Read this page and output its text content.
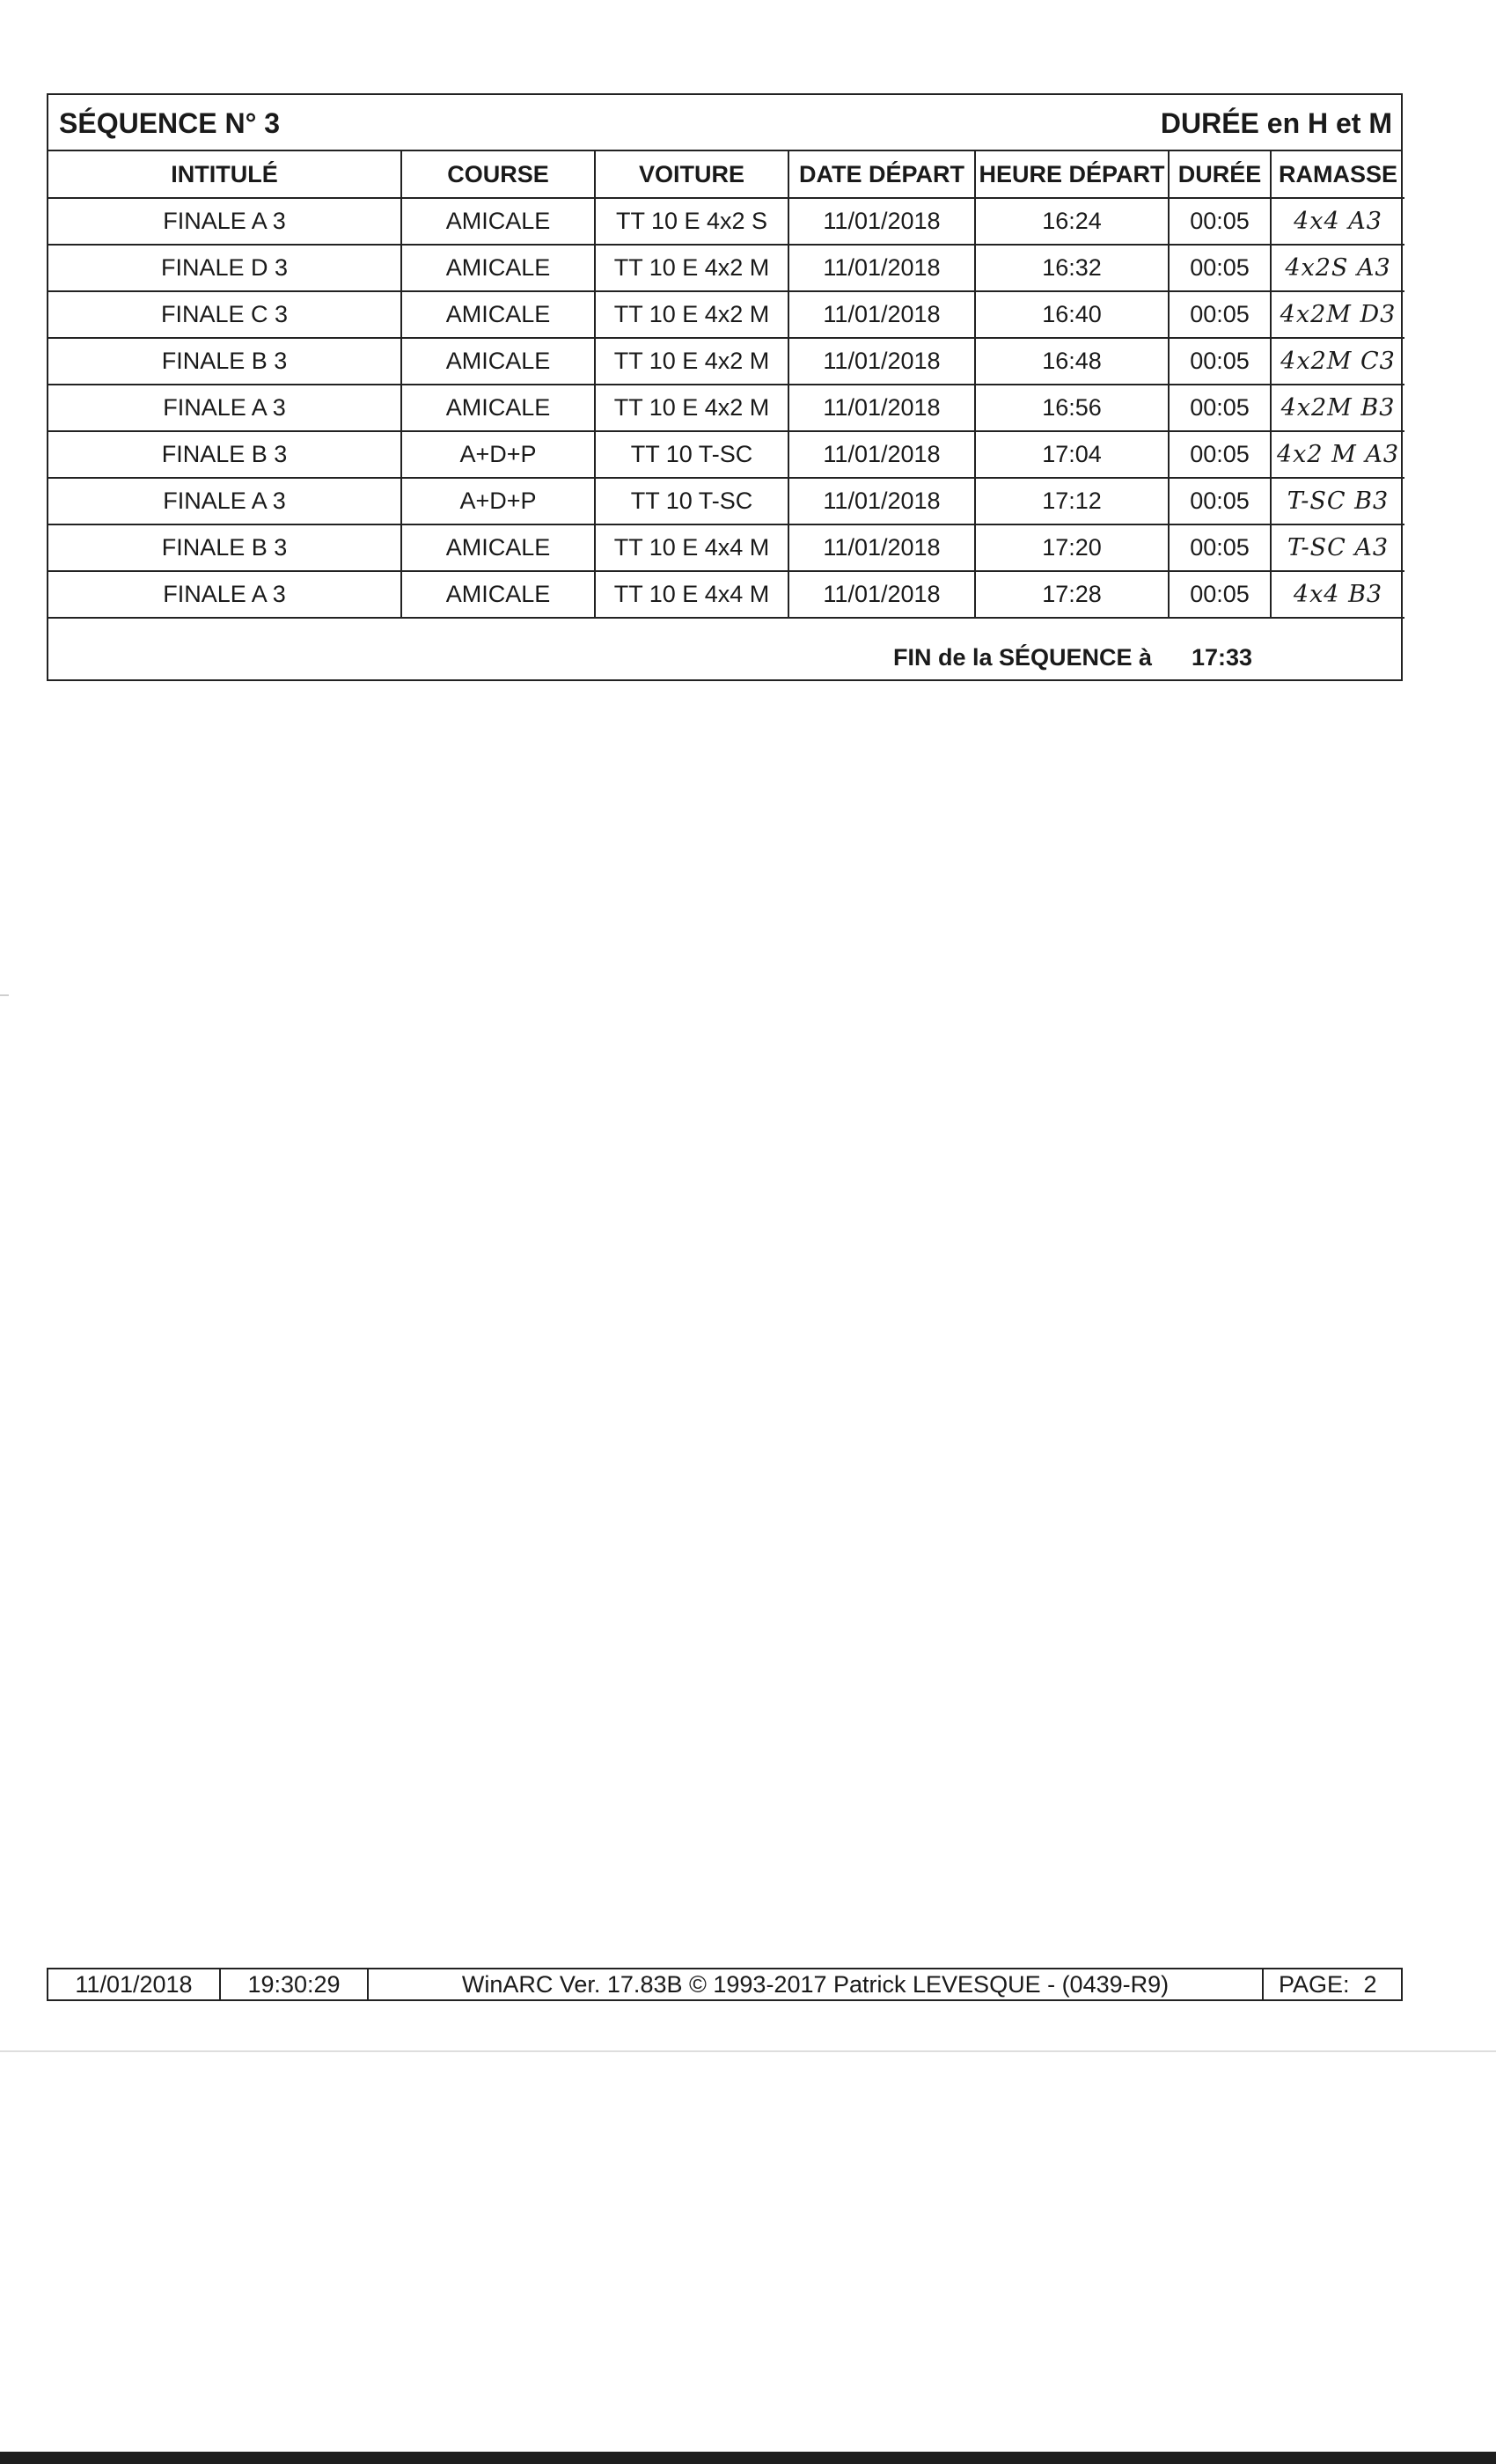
SÉQUENCE N° 3	DURÉE en H et M
INTITULÉ	COURSE	VOITURE	DATE DÉPART	HEURE DÉPART	DURÉE	RAMASSE
FINALE A 3	AMICALE	TT 10 E 4x2 S	11/01/2018	16:24	00:05	4x4 A3
FINALE D 3	AMICALE	TT 10 E 4x2 M	11/01/2018	16:32	00:05	4x2S A3
FINALE C 3	AMICALE	TT 10 E 4x2 M	11/01/2018	16:40	00:05	4x2M D3
FINALE B 3	AMICALE	TT 10 E 4x2 M	11/01/2018	16:48	00:05	4x2M C3
FINALE A 3	AMICALE	TT 10 E 4x2 M	11/01/2018	16:56	00:05	4x2M B3
FINALE B 3	A+D+P	TT 10 T-SC	11/01/2018	17:04	00:05	4x2 M A3
FINALE A 3	A+D+P	TT 10 T-SC	11/01/2018	17:12	00:05	T-SC B3
FINALE B 3	AMICALE	TT 10 E 4x4 M	11/01/2018	17:20	00:05	T-SC A3
FINALE A 3	AMICALE	TT 10 E 4x4 M	11/01/2018	17:28	00:05	4x4 B3
FIN de la SÉQUENCE à 17:33
11/01/2018	19:30:29	WinARC Ver. 17.83B © 1993-2017 Patrick LEVESQUE - (0439-R9)	PAGE: 2
